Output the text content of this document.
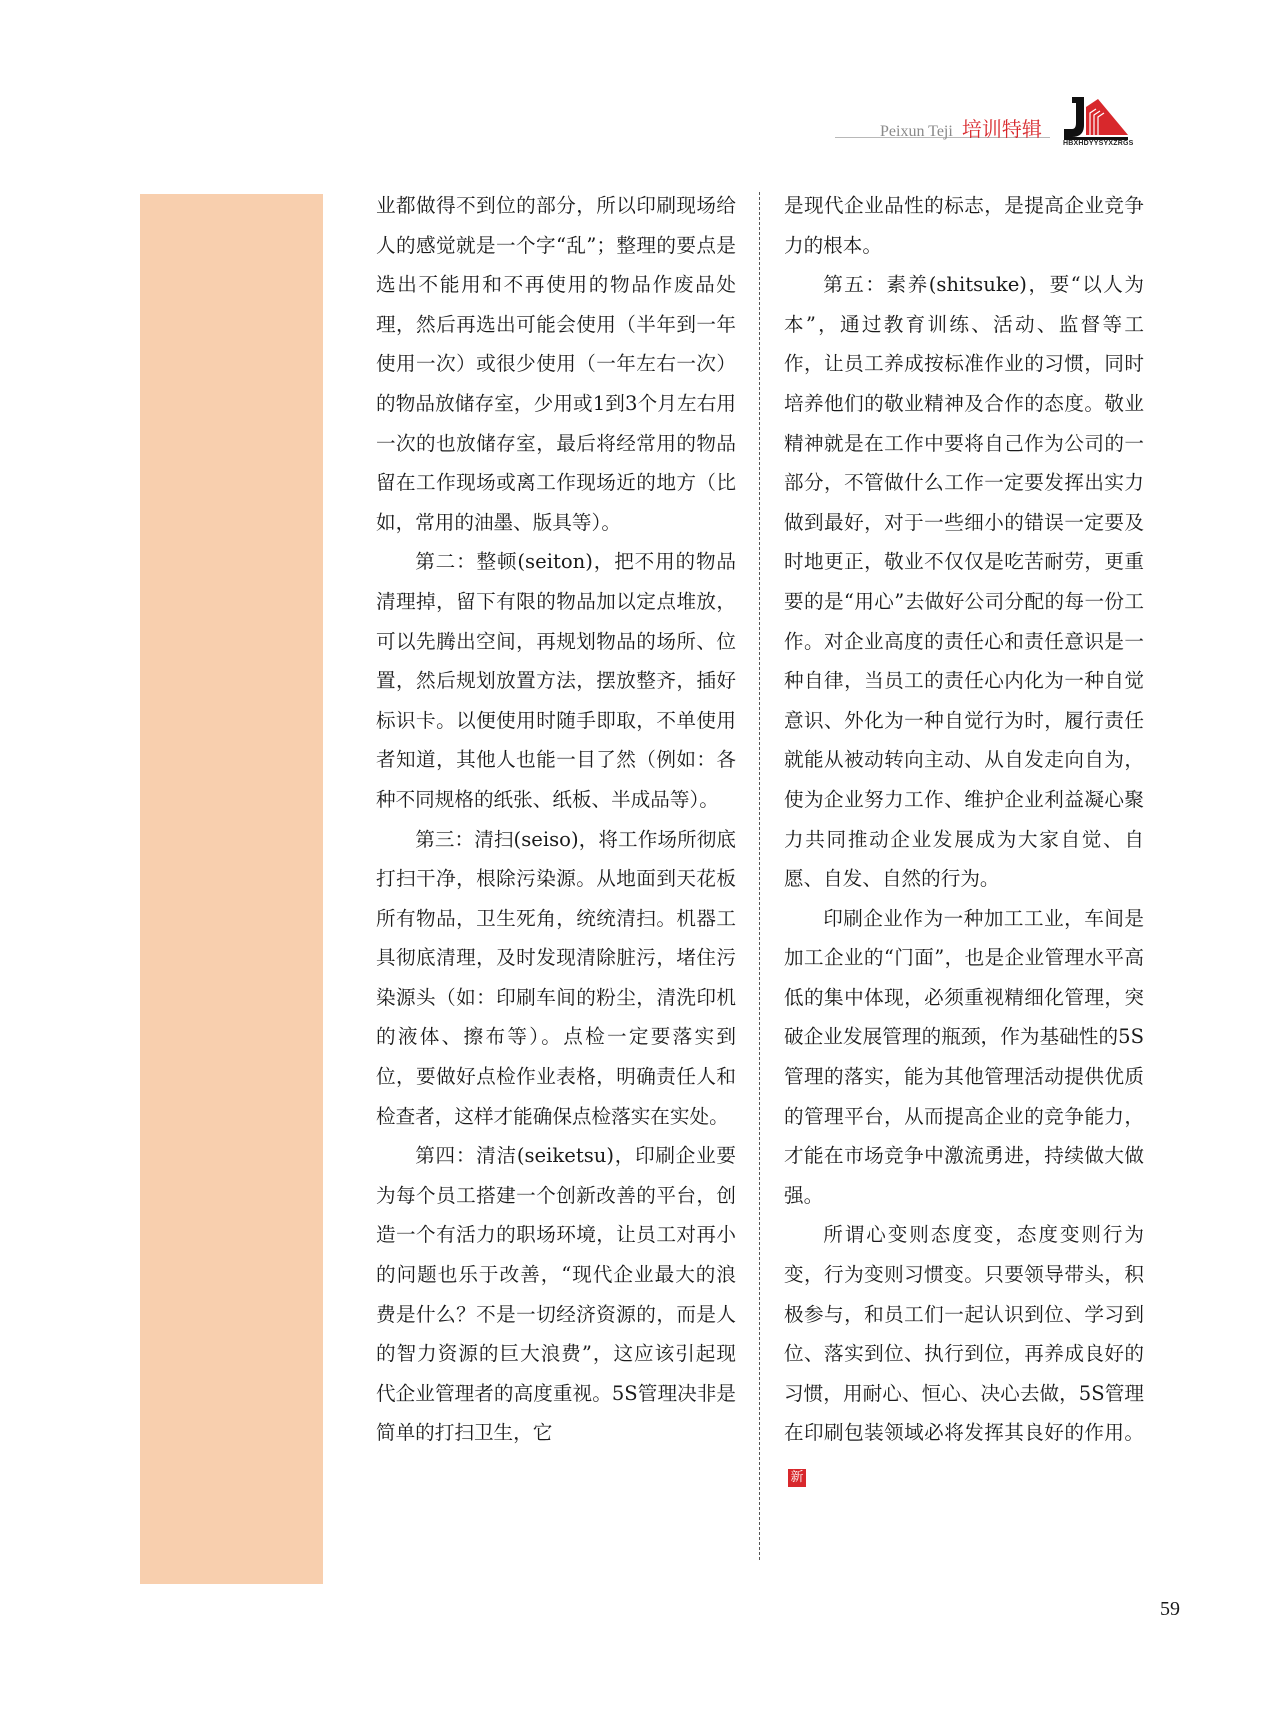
Peixun Teji 培训特辑
HBXHDYYSYXZRGS

业都做得不到位的部分，所以印刷现场给人的感觉就是一个字“乱”；整理的要点是选出不能用和不再使用的物品作废品处理，然后再选出可能会使用（半年到一年使用一次）或很少使用（一年左右一次）的物品放储存室，少用或1到3个月左右用一次的也放储存室，最后将经常用的物品留在工作现场或离工作现场近的地方（比如，常用的油墨、版具等）。

第二：整顿(seiton)，把不用的物品清理掉，留下有限的物品加以定点堆放，可以先腾出空间，再规划物品的场所、位置，然后规划放置方法，摆放整齐，插好标识卡。以便使用时随手即取，不单使用者知道，其他人也能一目了然（例如：各种不同规格的纸张、纸板、半成品等）。

第三：清扫(seiso)，将工作场所彻底打扫干净，根除污染源。从地面到天花板所有物品，卫生死角，统统清扫。机器工具彻底清理，及时发现清除脏污，堵住污染源头（如：印刷车间的粉尘，清洗印机的液体、擦布等）。点检一定要落实到位，要做好点检作业表格，明确责任人和检查者，这样才能确保点检落实在实处。

第四：清洁(seiketsu)，印刷企业要为每个员工搭建一个创新改善的平台，创造一个有活力的职场环境，让员工对再小的问题也乐于改善，“现代企业最大的浪费是什么？不是一切经济资源的，而是人的智力资源的巨大浪费”，这应该引起现代企业管理者的高度重视。5S管理决非是简单的打扫卫生，它

是现代企业品性的标志，是提高企业竞争力的根本。

第五：素养(shitsuke)，要“以人为本”，通过教育训练、活动、监督等工作，让员工养成按标准作业的习惯，同时培养他们的敬业精神及合作的态度。敬业精神就是在工作中要将自己作为公司的一部分，不管做什么工作一定要发挥出实力做到最好，对于一些细小的错误一定要及时地更正，敬业不仅仅是吃苦耐劳，更重要的是“用心”去做好公司分配的每一份工作。对企业高度的责任心和责任意识是一种自律，当员工的责任心内化为一种自觉意识、外化为一种自觉行为时，履行责任就能从被动转向主动、从自发走向自为，使为企业努力工作、维护企业利益凝心聚力共同推动企业发展成为大家自觉、自愿、自发、自然的行为。

印刷企业作为一种加工工业，车间是加工企业的“门面”，也是企业管理水平高低的集中体现，必须重视精细化管理，突破企业发展管理的瓶颈，作为基础性的5S管理的落实，能为其他管理活动提供优质的管理平台，从而提高企业的竞争能力，才能在市场竞争中激流勇进，持续做大做强。

所谓心变则态度变，态度变则行为变，行为变则习惯变。只要领导带头，积极参与，和员工们一起认识到位、学习到位、落实到位、执行到位，再养成良好的习惯，用耐心、恒心、决心去做，5S管理在印刷包装领域必将发挥其良好的作用。新

59
